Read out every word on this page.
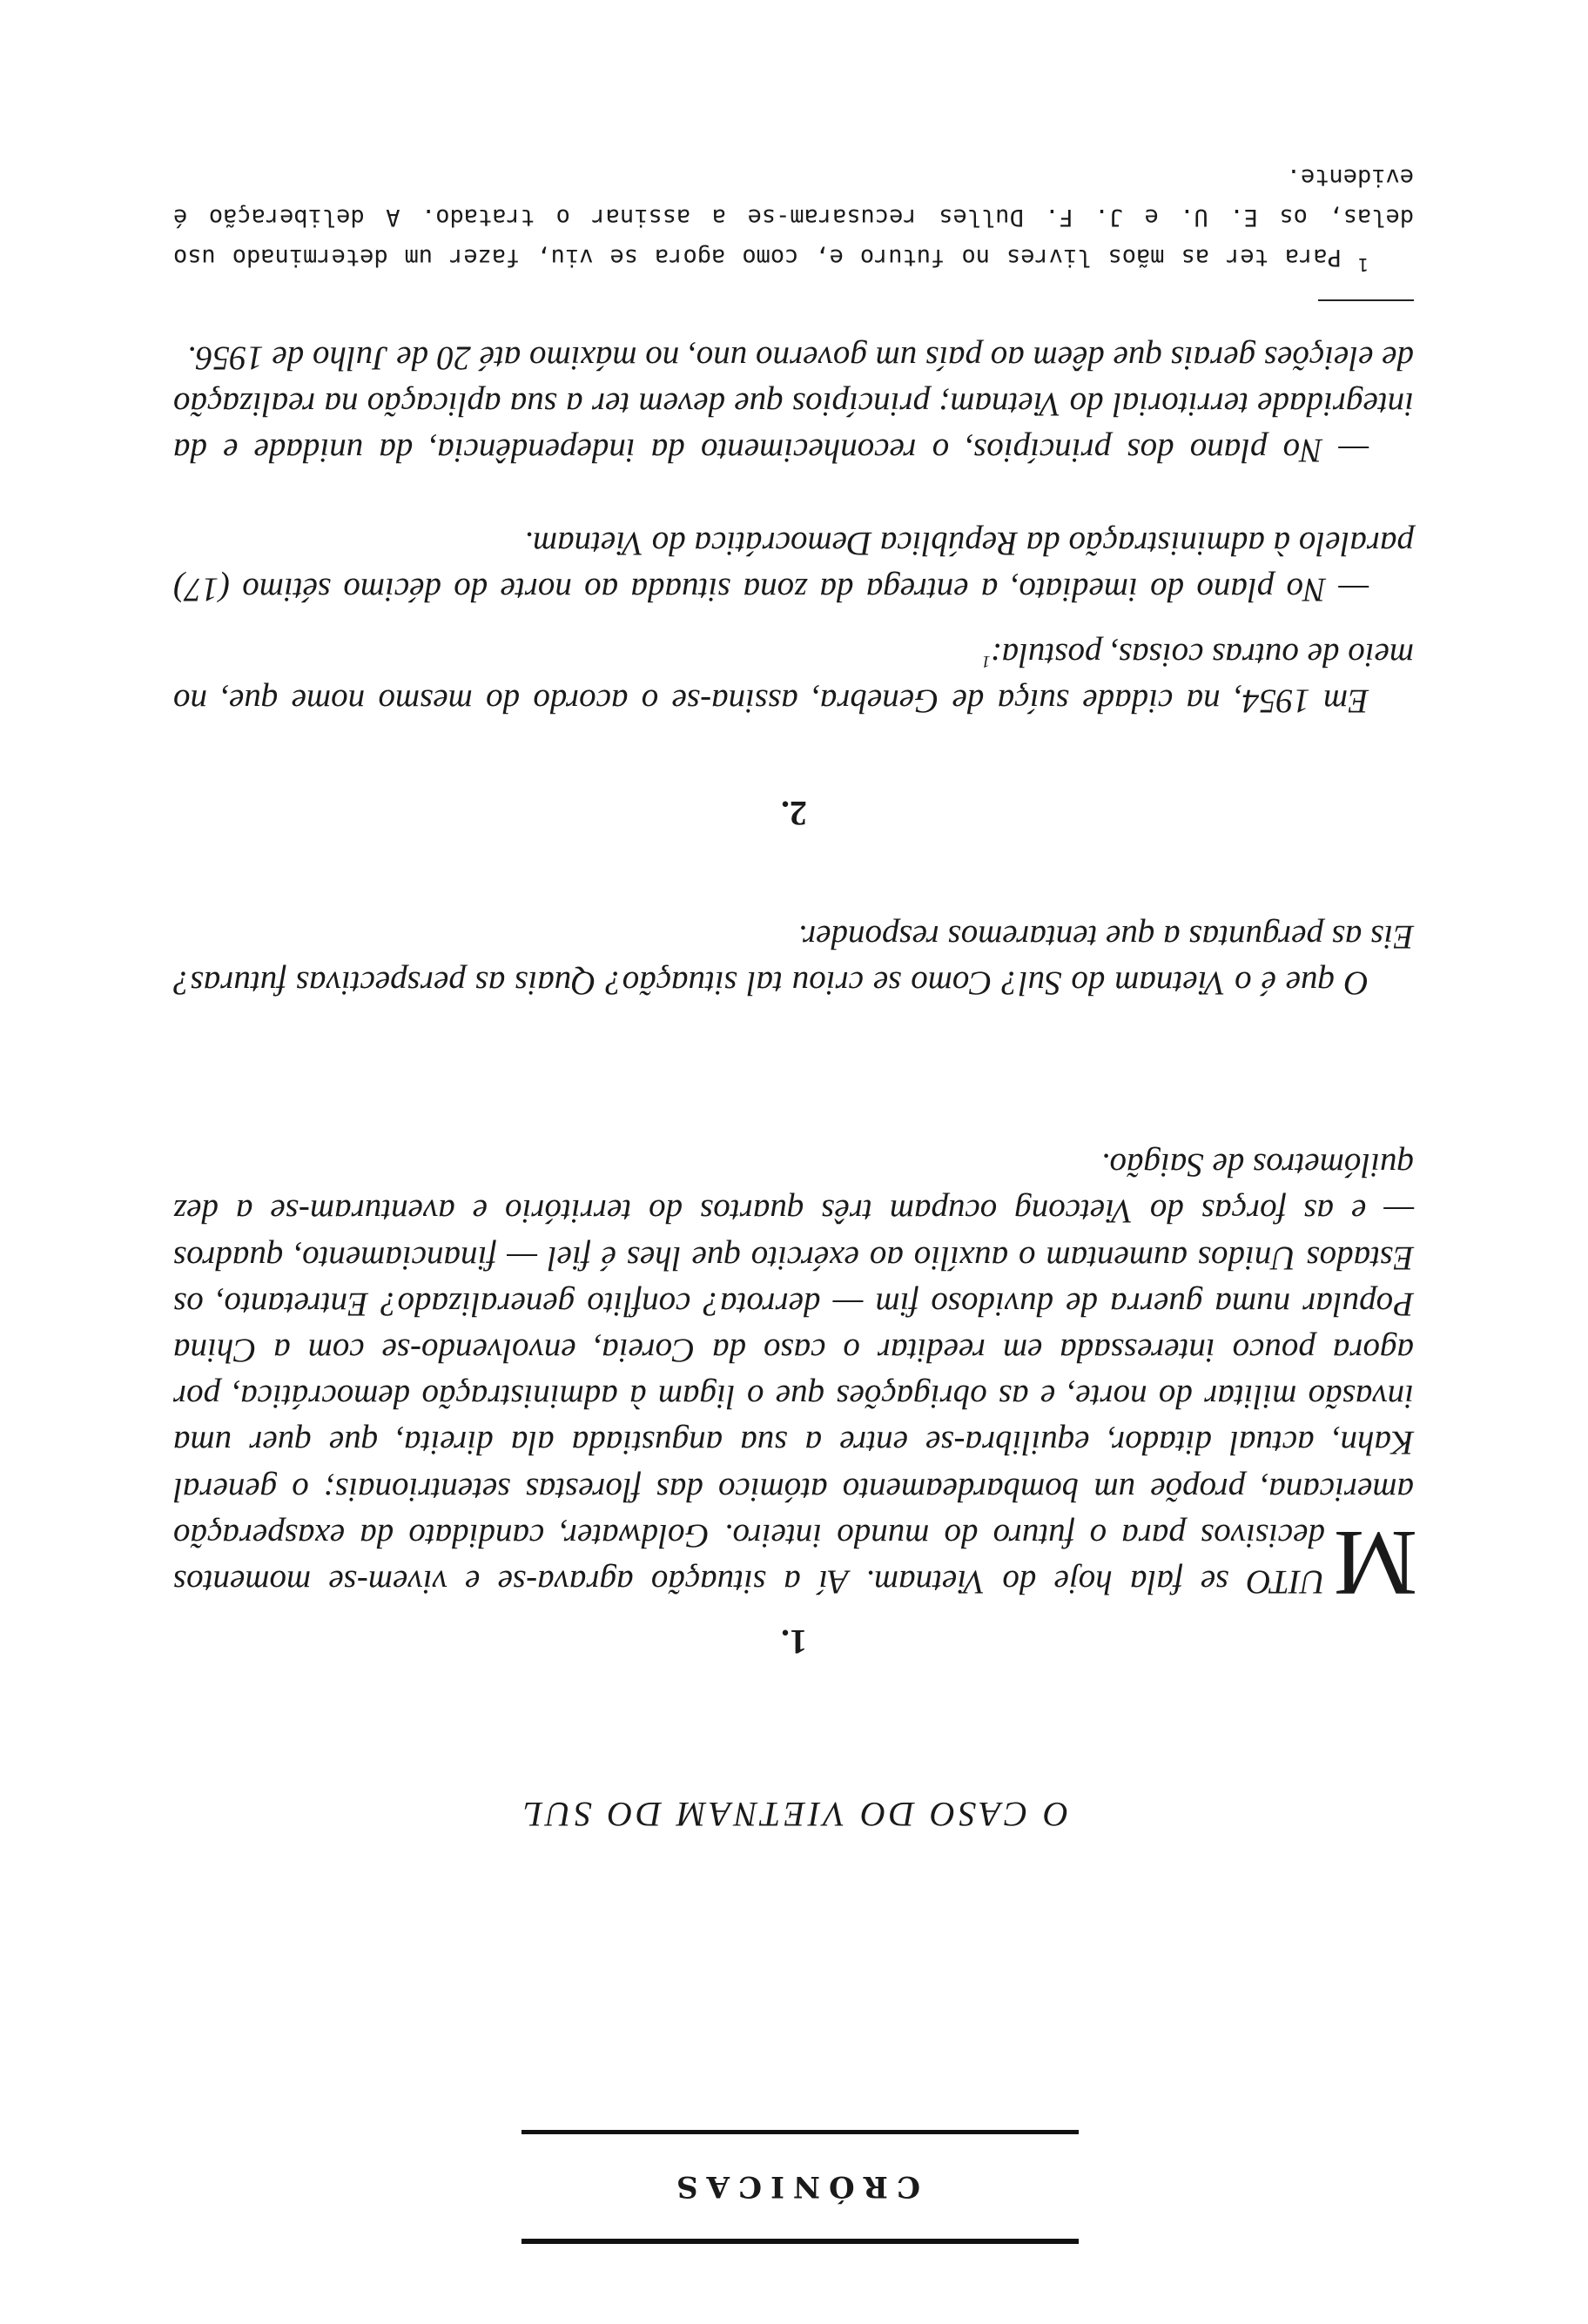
CRÓNICAS
O CASO DO VIETNAM DO SUL
1.

M
UITO se fala hoje do Vietnam. Aí a situação agrava-se e vivem-se momentos decisivos para o futuro do mundo inteiro. Goldwater, candidato da exasperação americana, propõe um bombardeamento atómico das florestas setentrionais; o general Kahn, actual ditador, equilibra-se entre a sua angustiada ala direita, que quer uma invasão militar do norte, e as obrigações que o ligam à administração democrática, por agora pouco interessada em reeditar o caso da Coreia, envolvendo-se com a China Popular numa guerra de duvidoso fim — derrota? conflito generalizado? Entretanto, os Estados Unidos aumentam o auxílio ao exército que lhes é fiel — financiamento, quadros — e as forças do Vietcong ocupam três quartos do território e aventuram-se a dez quilómetros de Saigão.

O que é o Vietnam do Sul? Como se criou tal situação? Quais as perspectivas futuras? Eis as perguntas a que tentaremos responder.

2.

Em 1954, na cidade suíça de Genebra, assina-se o acordo do mesmo nome que, no meio de outras coisas, postula:$^1$

— No plano do imediato, a entrega da zona situada ao norte do décimo sétimo (17) paralelo à administração da República Democrática do Vietnam.

— No plano dos princípios, o reconhecimento da independência, da unidade e da integridade territorial do Vietnam; princípios que devem ter a sua aplicação na realização de eleições gerais que dêem ao país um governo uno, no máximo até 20 de Julho de 1956.

$^1$ Para ter as mãos livres no futuro e, como agora se viu, fazer um determinado uso delas, os E. U. e J. F. Dulles recusaram-se a assinar o tratado. A deliberação é evidente.
